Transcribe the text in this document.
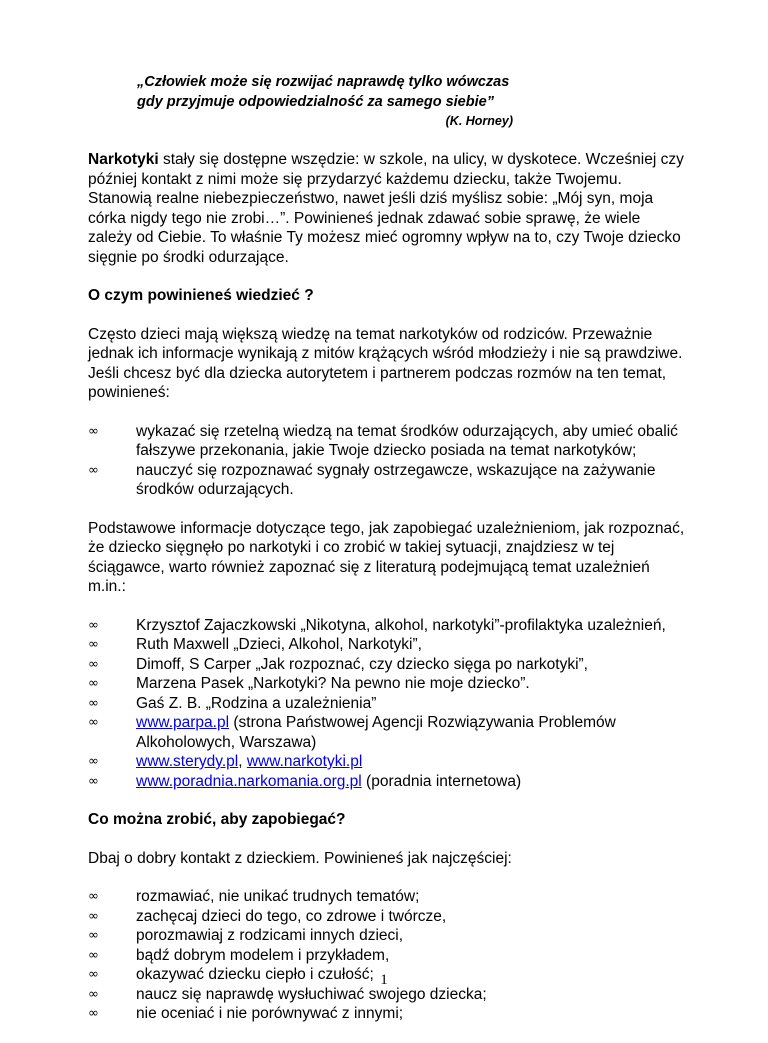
„Człowiek może się rozwijać naprawdę tylko wówczas
gdy przyjmuje odpowiedzialność za samego siebie”
(K. Horney)

Narkotyki stały się dostępne wszędzie: w szkole, na ulicy, w dyskotece. Wcześniej czy później kontakt z nimi może się przydarzyć każdemu dziecku, także Twojemu. Stanowią realne niebezpieczeństwo, nawet jeśli dziś myślisz sobie: „Mój syn, moja córka nigdy tego nie zrobi…”. Powinieneś jednak zdawać sobie sprawę, że wiele zależy od Ciebie. To właśnie Ty możesz mieć ogromny wpływ na to, czy Twoje dziecko sięgnie po środki odurzające.

O czym powinieneś wiedzieć ?

Często dzieci mają większą wiedzę na temat narkotyków od rodziców. Przeważnie jednak ich informacje wynikają z mitów krążących wśród młodzieży i nie są prawdziwe. Jeśli chcesz być dla dziecka autorytetem i partnerem podczas rozmów na ten temat, powinieneś:

∞	wykazać się rzetelną wiedzą na temat środków odurzających, aby umieć obalić fałszywe przekonania, jakie Twoje dziecko posiada na temat narkotyków;
∞	nauczyć się rozpoznawać sygnały ostrzegawcze, wskazujące na zażywanie środków odurzających.

Podstawowe informacje dotyczące tego, jak zapobiegać uzależnieniom, jak rozpoznać, że dziecko sięgnęło po narkotyki i co zrobić w takiej sytuacji, znajdziesz w tej ściągawce, warto również zapoznać się z literaturą podejmującą temat uzależnień m.in.:

∞	Krzysztof Zajaczkowski „Nikotyna, alkohol, narkotyki”-profilaktyka uzależnień,
∞	Ruth Maxwell „Dzieci, Alkohol, Narkotyki”,
∞	Dimoff, S Carper „Jak rozpoznać, czy dziecko sięga po narkotyki”,
∞	Marzena Pasek „Narkotyki? Na pewno nie moje dziecko”.
∞	Gaś Z. B. „Rodzina a uzależnienia”
∞	www.parpa.pl (strona Państwowej Agencji Rozwiązywania Problemów Alkoholowych, Warszawa)
∞	www.sterydy.pl, www.narkotyki.pl
∞	www.poradnia.narkomania.org.pl (poradnia internetowa)
Co można zrobić, aby zapobiegać?

Dbaj o dobry kontakt z dzieckiem. Powinieneś jak najczęściej:

∞	rozmawiać, nie unikać trudnych tematów;
∞	zachęcaj dzieci do tego, co zdrowe i twórcze,
∞	porozmawiaj z rodzicami innych dzieci,
∞	bądź dobrym modelem i przykładem,
∞	okazywać dziecku ciepło i czułość;
∞	naucz się naprawdę wysłuchiwać swojego dziecka;
∞	nie oceniać i nie porównywać z innymi;
1
